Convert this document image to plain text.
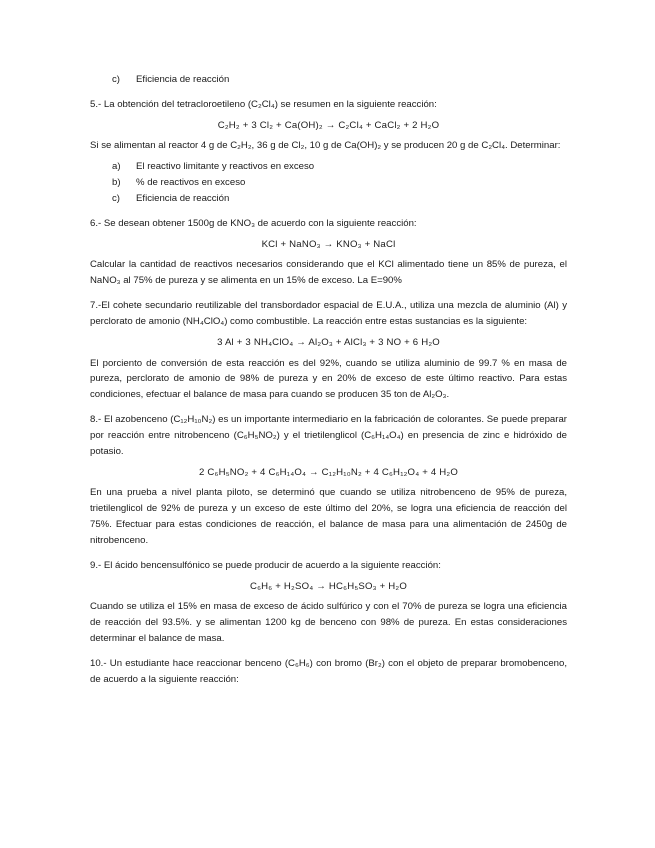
c)	Eficiencia de reacción

5.- La obtención del tetracloroetileno (C₂Cl₄) se resumen en la siguiente reacción:

C₂H₂ + 3 Cl₂ + Ca(OH)₂ → C₂Cl₄ + CaCl₂ + 2 H₂O

Si se alimentan al reactor 4 g de C₂H₂, 36 g de Cl₂, 10 g de Ca(OH)₂ y se producen 20 g de C₂Cl₄. Determinar:

a)	El reactivo limitante y reactivos en exceso
b)	% de reactivos en exceso
c)	Eficiencia de reacción

6.- Se desean obtener 1500g de KNO₃ de acuerdo con la siguiente reacción:

KCl + NaNO₃ → KNO₃ + NaCl

Calcular la cantidad de reactivos necesarios considerando que el KCl alimentado tiene un 85% de pureza, el NaNO₃ al 75% de pureza y se alimenta en un 15% de exceso. La E=90%

7.-El cohete secundario reutilizable del transbordador espacial de E.U.A., utiliza una mezcla de aluminio (Al) y perclorato de amonio (NH₄ClO₄) como combustible. La reacción entre estas sustancias es la siguiente:

3 Al + 3 NH₄ClO₄ → Al₂O₃ + AlCl₃ + 3 NO + 6 H₂O

El porciento de conversión de esta reacción es del 92%, cuando se utiliza aluminio de 99.7 % en masa de pureza, perclorato de amonio de 98% de pureza y en 20% de exceso de este último reactivo. Para estas condiciones, efectuar el balance de masa para cuando se producen 35 ton de Al₂O₃.

8.- El azobenceno (C₁₂H₁₀N₂) es un importante intermediario en la fabricación de colorantes. Se puede preparar por reacción entre nitrobenceno (C₆H₅NO₂) y el trietilenglicol (C₆H₁₄O₄) en presencia de zinc e hidróxido de potasio.

2 C₆H₅NO₂ + 4 C₆H₁₄O₄ → C₁₂H₁₀N₂ + 4 C₆H₁₂O₄ + 4 H₂O

En una prueba a nivel planta piloto, se determinó que cuando se utiliza nitrobenceno de 95% de pureza, trietilenglicol de 92% de pureza y un exceso de este último del 20%, se logra una eficiencia de reacción del 75%. Efectuar para estas condiciones de reacción, el balance de masa para una alimentación de 2450g de nitrobenceno.

9.- El ácido bencensulfónico se puede producir de acuerdo a la siguiente reacción:

C₆H₆ + H₂SO₄ → HC₆H₅SO₃ + H₂O

Cuando se utiliza el 15% en masa de exceso de ácido sulfúrico y con el 70% de pureza se logra una eficiencia de reacción del 93.5%. y se alimentan 1200 kg de benceno con 98% de pureza. En estas consideraciones determinar el balance de masa.

10.- Un estudiante hace reaccionar benceno (C₆H₆) con bromo (Br₂) con el objeto de preparar bromobenceno, de acuerdo a la siguiente reacción:
